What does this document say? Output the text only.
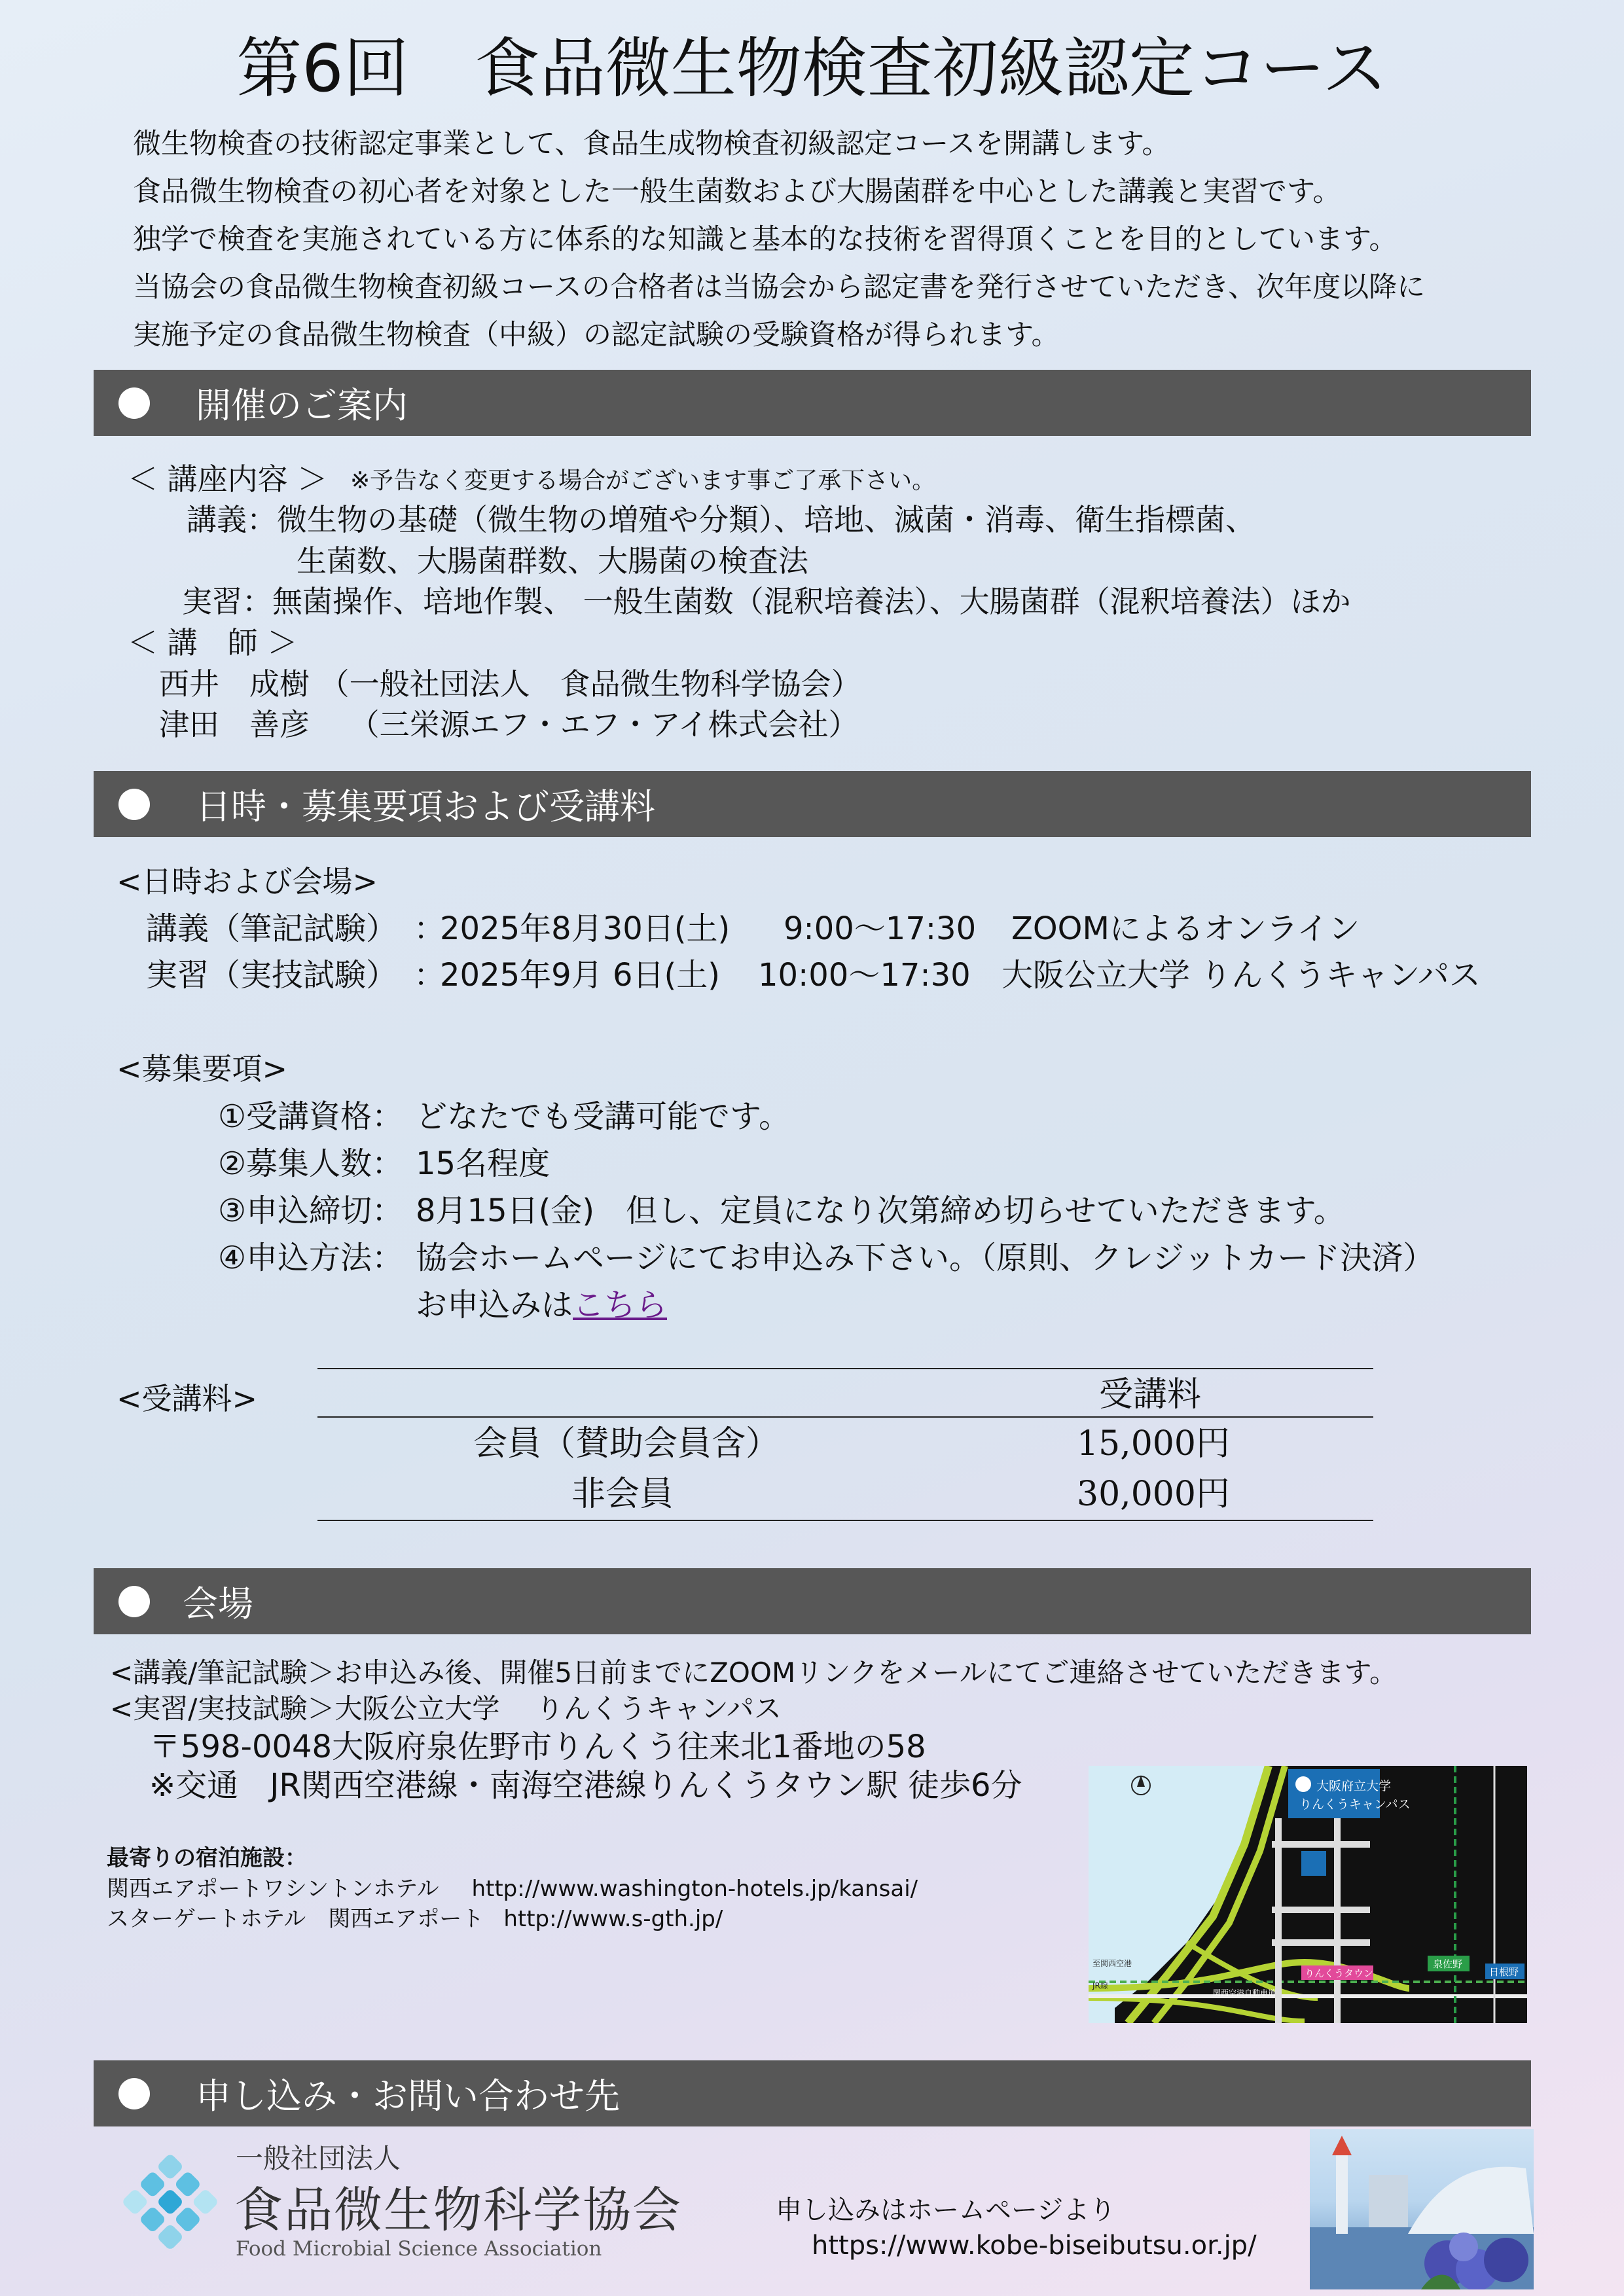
第6回　食品微生物検査初級認定コース
微生物検査の技術認定事業として、食品生成物検査初級認定コースを開講します。
食品微生物検査の初心者を対象とした一般生菌数および大腸菌群を中心とした講義と実習です。
独学で検査を実施されている方に体系的な知識と基本的な技術を習得頂くことを目的としています。
当協会の食品微生物検査初級コースの合格者は当協会から認定書を発行させていただき、次年度以降に
実施予定の食品微生物検査（中級）の認定試験の受験資格が得られます。
開催のご案内
＜ 講座内容 ＞ ※予告なく変更する場合がございます事ご了承下さい。
講義：微生物の基礎（微生物の増殖や分類）、培地、滅菌・消毒、衛生指標菌、
生菌数、大腸菌群数、大腸菌の検査法
実習：無菌操作、培地作製、 一般生菌数（混釈培養法）、大腸菌群（混釈培養法）ほか
＜ 講　師 ＞
西井　成樹 （一般社団法人　食品微生物科学協会）
津田　善彦　 （三栄源エフ・エフ・アイ株式会社）
日時・募集要項および受講料
<日時および会場>
講義（筆記試験） ：
2025年8月30日(土) 9:00～17:30 ZOOMによるオンライン
実習（実技試験） ：
2025年9月 6日(土) 10:00～17:30 大阪公立大学 りんくうキャンパス
<募集要項>
①受講資格： どなたでも受講可能です。
②募集人数： 15名程度
③申込締切： 8月15日(金)　但し、定員になり次第締め切らせていただきます。
④申込方法： 協会ホームページにてお申込み下さい。（原則、クレジットカード決済）
お申込みはこちら
<受講料>	受講料
会員（賛助会員含）	15,000円
非会員	30,000円
会場
<講義/筆記試験＞お申込み後、開催5日前までにZOOMリンクをメールにてご連絡させていただきます。
<実習/実技試験＞大阪公立大学　 りんくうキャンパス
〒598-0048大阪府泉佐野市りんくう往来北1番地の58
※交通　JR関西空港線・南海空港線りんくうタウン駅 徒歩6分
最寄りの宿泊施設：
関西エアポートワシントンホテル http://www.washington-hotels.jp/kansai/
スターゲートホテル　関西エアポート http://www.s-gth.jp/
大阪府立大学
りんくうキャンパス
りんくうタウン
泉佐野
日根野
至関西空港
JR線
関西空港自動車道
申し込み・お問い合わせ先
一般社団法人
食品微生物科学協会
Food Microbial Science Association
申し込みはホームページより
https://www.kobe-biseibutsu.or.jp/
